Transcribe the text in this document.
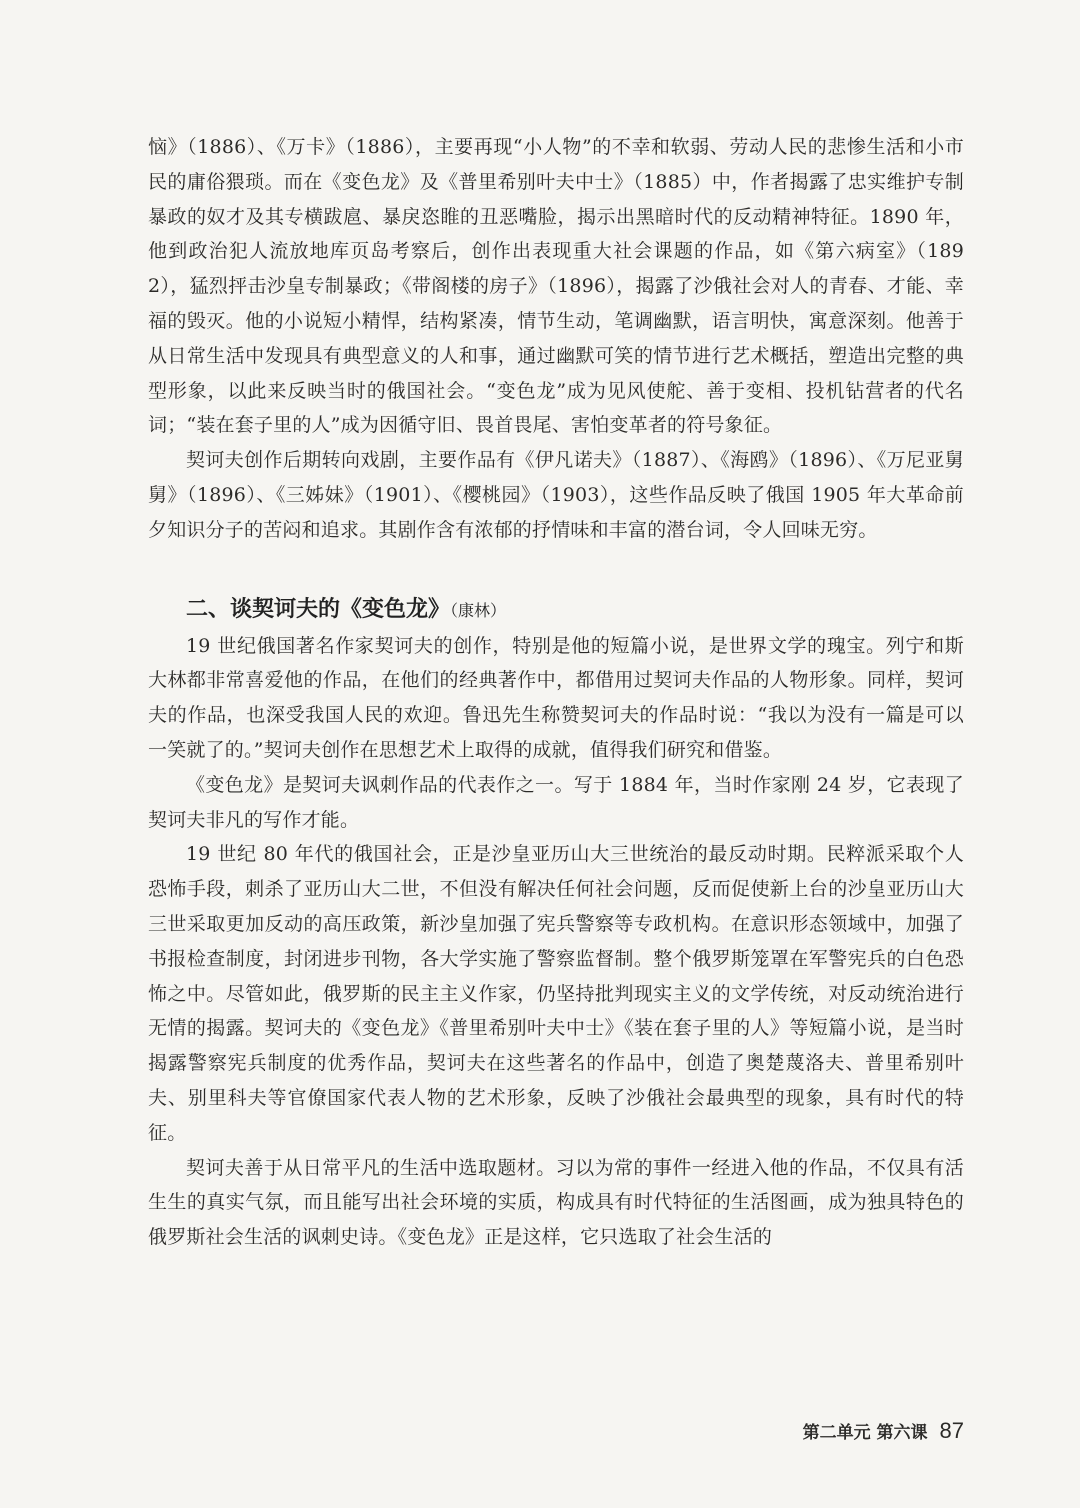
恼》（1886）、《万卡》（1886），主要再现“小人物”的不幸和软弱、劳动人民的悲惨生活和小市民的庸俗猥琐。而在《变色龙》及《普里希别叶夫中士》（1885）中，作者揭露了忠实维护专制暴政的奴才及其专横跋扈、暴戾恣睢的丑恶嘴脸，揭示出黑暗时代的反动精神特征。1890 年，他到政治犯人流放地库页岛考察后，创作出表现重大社会课题的作品，如《第六病室》（1892），猛烈抨击沙皇专制暴政；《带阁楼的房子》（1896），揭露了沙俄社会对人的青春、才能、幸福的毁灭。他的小说短小精悍，结构紧凑，情节生动，笔调幽默，语言明快，寓意深刻。他善于从日常生活中发现具有典型意义的人和事，通过幽默可笑的情节进行艺术概括，塑造出完整的典型形象，以此来反映当时的俄国社会。“变色龙”成为见风使舵、善于变相、投机钻营者的代名词；“装在套子里的人”成为因循守旧、畏首畏尾、害怕变革者的符号象征。

契诃夫创作后期转向戏剧，主要作品有《伊凡诺夫》（1887）、《海鸥》（1896）、《万尼亚舅舅》（1896）、《三姊妹》（1901）、《樱桃园》（1903），这些作品反映了俄国 1905 年大革命前夕知识分子的苦闷和追求。其剧作含有浓郁的抒情味和丰富的潜台词，令人回味无穷。

二、谈契诃夫的《变色龙》（康林）

19 世纪俄国著名作家契诃夫的创作，特别是他的短篇小说，是世界文学的瑰宝。列宁和斯大林都非常喜爱他的作品，在他们的经典著作中，都借用过契诃夫作品的人物形象。同样，契诃夫的作品，也深受我国人民的欢迎。鲁迅先生称赞契诃夫的作品时说：“我以为没有一篇是可以一笑就了的。”契诃夫创作在思想艺术上取得的成就，值得我们研究和借鉴。

《变色龙》是契诃夫讽刺作品的代表作之一。写于 1884 年，当时作家刚 24 岁，它表现了契诃夫非凡的写作才能。

19 世纪 80 年代的俄国社会，正是沙皇亚历山大三世统治的最反动时期。民粹派采取个人恐怖手段，刺杀了亚历山大二世，不但没有解决任何社会问题，反而促使新上台的沙皇亚历山大三世采取更加反动的高压政策，新沙皇加强了宪兵警察等专政机构。在意识形态领域中，加强了书报检查制度，封闭进步刊物，各大学实施了警察监督制。整个俄罗斯笼罩在军警宪兵的白色恐怖之中。尽管如此，俄罗斯的民主主义作家，仍坚持批判现实主义的文学传统，对反动统治进行无情的揭露。契诃夫的《变色龙》《普里希别叶夫中士》《装在套子里的人》等短篇小说，是当时揭露警察宪兵制度的优秀作品，契诃夫在这些著名的作品中，创造了奥楚蔑洛夫、普里希别叶夫、别里科夫等官僚国家代表人物的艺术形象，反映了沙俄社会最典型的现象，具有时代的特征。

契诃夫善于从日常平凡的生活中选取题材。习以为常的事件一经进入他的作品，不仅具有活生生的真实气氛，而且能写出社会环境的实质，构成具有时代特征的生活图画，成为独具特色的俄罗斯社会生活的讽刺史诗。《变色龙》正是这样，它只选取了社会生活的

第二单元 第六课 87
